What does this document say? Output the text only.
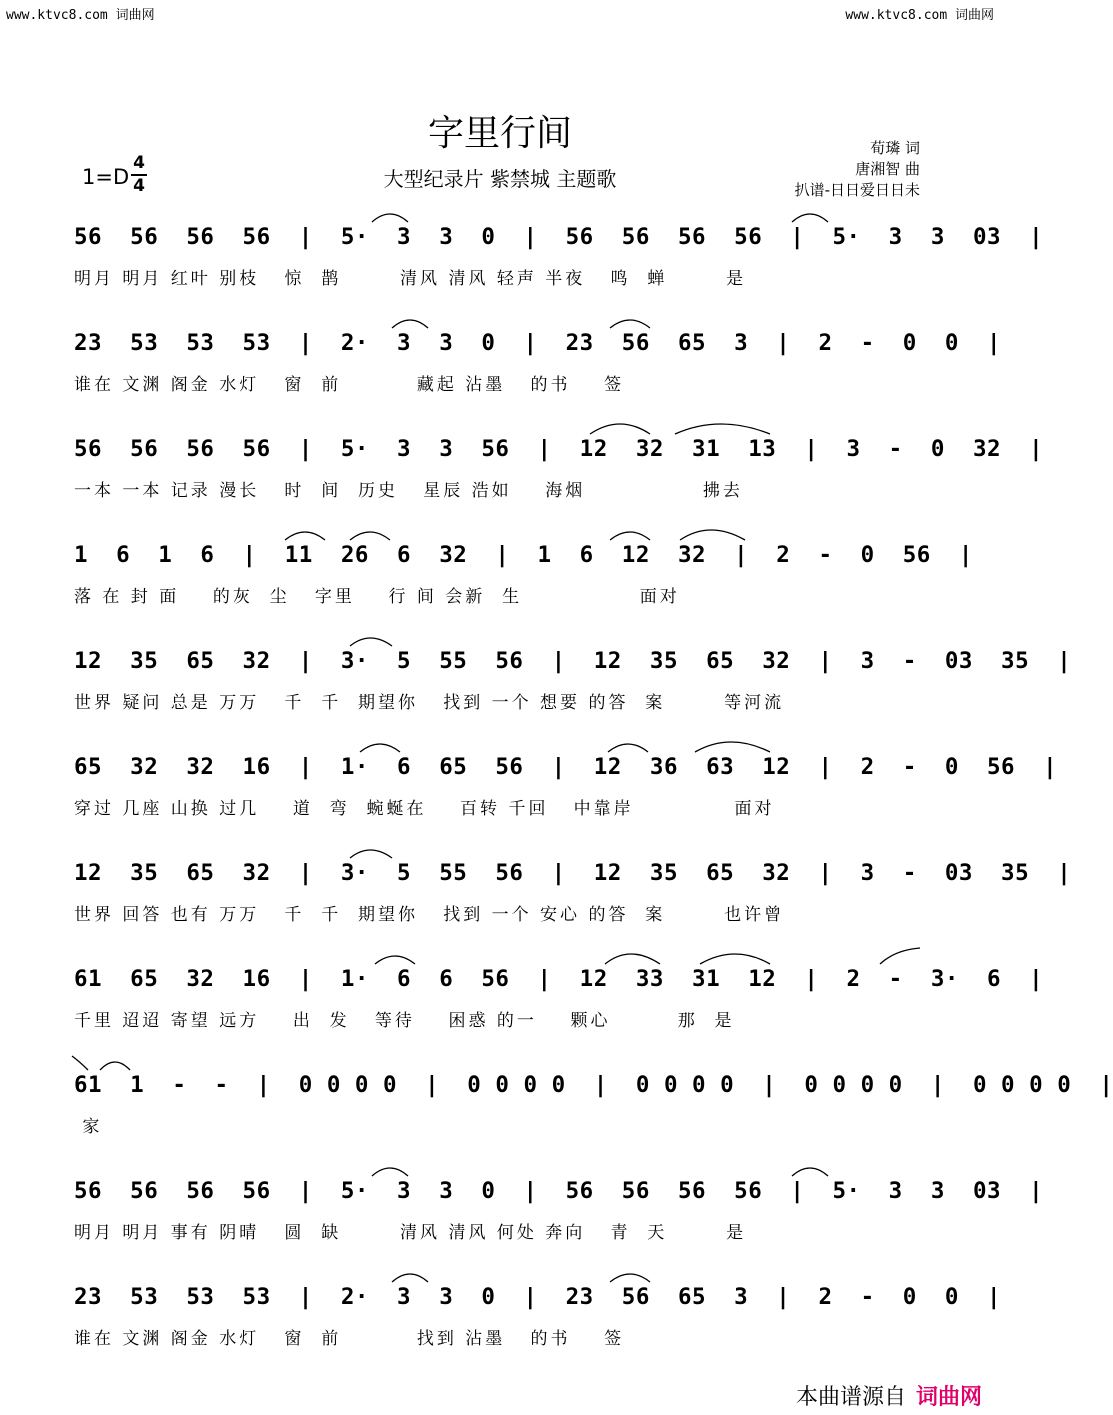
www.ktvc8.com 词曲网	www.ktvc8.com 词曲网
字里行间
大型纪录片 紫禁城 主题歌
1=D
4
4
荀璘 词
唐湘智 曲
扒谱-日日爱日日未
56  56  56  56  |  5·  3  3  0  |  56  56  56  56  |  5·  3  3  03  |
明月 明月 红叶 别枝   惊  鹊       清风 清风 轻声 半夜   鸣  蝉       是
23  53  53  53  |  2·  3  3  0  |  23  56  65  3  |  2  -  0  0  |
谁在 文渊 阁金 水灯   窗  前         藏起 沾墨   的书    签
56  56  56  56  |  5·  3  3  56  |  12  32  31  13  |  3  -  0  32  |
一本 一本 记录 漫长   时  间  历史   星辰 浩如    海烟              拂去
1  6  1  6  |  11  26  6  32  |  1  6  12  32  |  2  -  0  56  |
落 在 封 面    的灰  尘   字里    行 间 会新  生              面对
12  35  65  32  |  3·  5  55  56  |  12  35  65  32  |  3  -  03  35  |
世界 疑问 总是 万万   千  千  期望你   找到 一个 想要 的答  案       等河流
65  32  32  16  |  1·  6  65  56  |  12  36  63  12  |  2  -  0  56  |
穿过 几座 山换 过几    道  弯  蜿蜒在    百转 千回   中靠岸            面对
12  35  65  32  |  3·  5  55  56  |  12  35  65  32  |  3  -  03  35  |
世界 回答 也有 万万   千  千  期望你   找到 一个 安心 的答  案       也许曾
61  65  32  16  |  1·  6  6  56  |  12  33  31  12  |  2  -  3·  6  |
千里 迢迢 寄望 远方    出  发   等待    困惑 的一    颗心        那  是
61  1  -  -  |  0 0 0 0  |  0 0 0 0  |  0 0 0 0  |  0 0 0 0  |  0 0 0 0  |
家
56  56  56  56  |  5·  3  3  0  |  56  56  56  56  |  5·  3  3  03  |
明月 明月 事有 阴晴   圆  缺       清风 清风 何处 奔向   青  天       是
23  53  53  53  |  2·  3  3  0  |  23  56  65  3  |  2  -  0  0  |
谁在 文渊 阁金 水灯   窗  前         找到 沾墨   的书    签
本曲谱源自 词曲网
